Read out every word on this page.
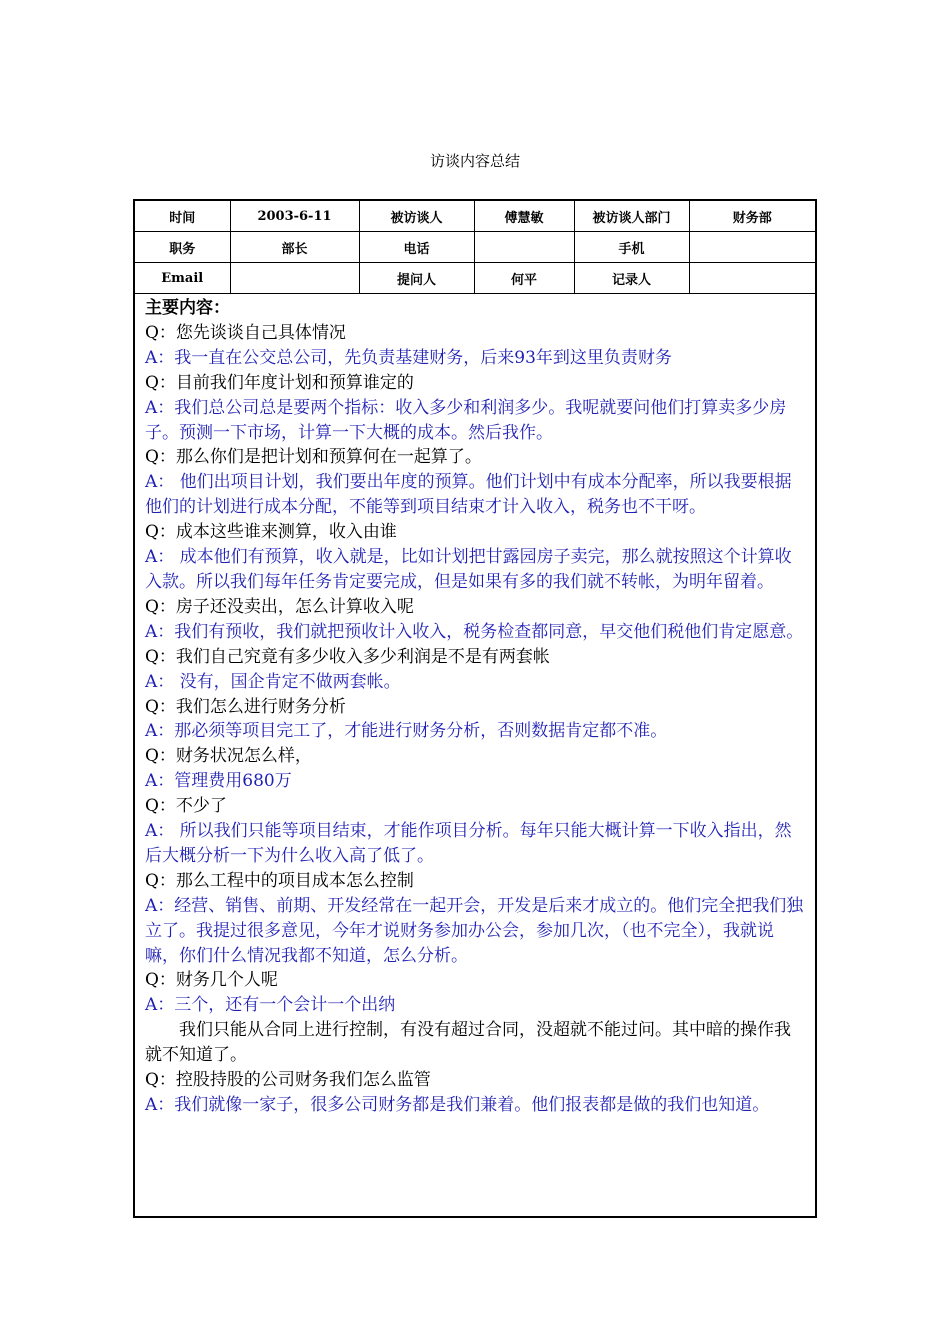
访谈内容总结
时间	2003-6-11	被访谈人	傅慧敏	被访谈人部门	财务部
职务	部长	电话		手机	
Email		提问人	何平	记录人	
主要内容：
Q：您先谈谈自己具体情况
A：我一直在公交总公司，先负责基建财务，后来93年到这里负责财务
Q：目前我们年度计划和预算谁定的
A：我们总公司总是要两个指标：收入多少和利润多少。我呢就要问他们打算卖多少房子。预测一下市场，计算一下大概的成本。然后我作。
Q：那么你们是把计划和预算何在一起算了。
A： 他们出项目计划，我们要出年度的预算。他们计划中有成本分配率，所以我要根据他们的计划进行成本分配，不能等到项目结束才计入收入，税务也不干呀。
Q：成本这些谁来测算，收入由谁
A： 成本他们有预算，收入就是，比如计划把甘露园房子卖完，那么就按照这个计算收入款。所以我们每年任务肯定要完成，但是如果有多的我们就不转帐，为明年留着。
Q：房子还没卖出，怎么计算收入呢
A：我们有预收，我们就把预收计入收入，税务检查都同意，早交他们税他们肯定愿意。
Q：我们自己究竟有多少收入多少利润是不是有两套帐
A： 没有，国企肯定不做两套帐。
Q：我们怎么进行财务分析
A：那必须等项目完工了，才能进行财务分析，否则数据肯定都不准。
Q：财务状况怎么样，
A：管理费用680万
Q：不少了
A： 所以我们只能等项目结束，才能作项目分析。每年只能大概计算一下收入指出，然后大概分析一下为什么收入高了低了。
Q：那么工程中的项目成本怎么控制
A：经营、销售、前期、开发经常在一起开会，开发是后来才成立的。他们完全把我们独立了。我提过很多意见，今年才说财务参加办公会，参加几次，（也不完全），我就说嘛，你们什么情况我都不知道，怎么分析。
Q：财务几个人呢
A：三个，还有一个会计一个出纳
我们只能从合同上进行控制，有没有超过合同，没超就不能过问。其中暗的操作我就不知道了。
Q：控股持股的公司财务我们怎么监管
A：我们就像一家子，很多公司财务都是我们兼着。他们报表都是做的我们也知道。
